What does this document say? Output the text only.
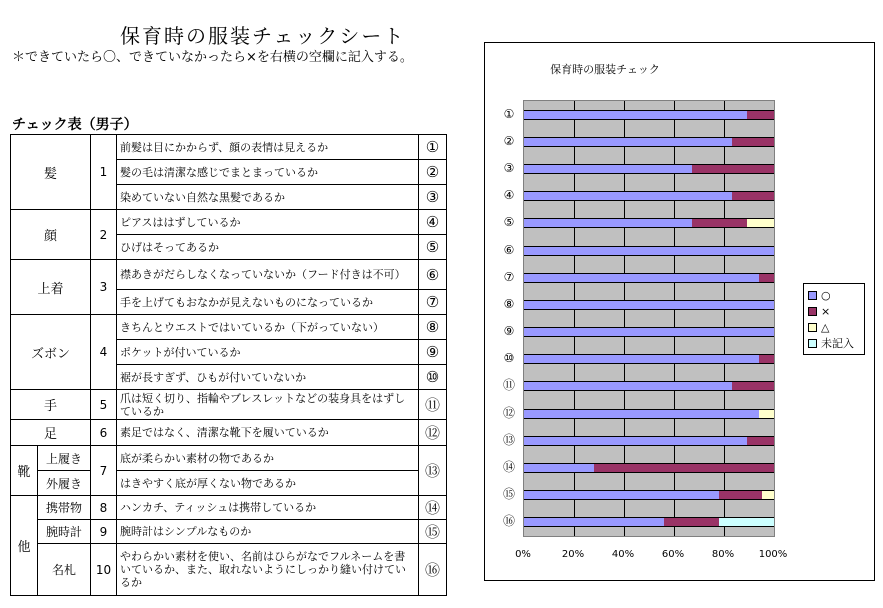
保育時の服装チェックシート
＊できていたら〇、できていなかったら×を右横の空欄に記入する。
チェック表（男子）
髪		1	前髪は目にかからず、顔の表情は見えるか	①
			髪の毛は清潔な感じでまとまっているか	②
			染めていない自然な黒髪であるか	③
顔		2	ピアスははずしているか	④
			ひげはそってあるか	⑤
上着		3	襟あきがだらしなくなっていないか（フード付きは不可）	⑥
			手を上げてもおなかが見えないものになっているか	⑦
ズボン		4	きちんとウエストではいているか（下がっていない）	⑧
			ポケットが付いているか	⑨
			裾が長すぎず、ひもが付いていないか	⑩
手		5	爪は短く切り、指輪やブレスレットなどの装身具をはずしているか	⑪
足		6	素足ではなく、清潔な靴下を履いているか	⑫
靴	上履き	7	底が柔らかい素材の物であるか	⑬
	外履き		はきやすく底が厚くない物であるか	
他	携帯物	8	ハンカチ、ティッシュは携帯しているか	⑭
	腕時計	9	腕時計はシンプルなものか	⑮
	名札	10	やわらかい素材を使い、名前はひらがなでフルネームを書いているか、また、取れないようにしっかり縫い付けているか	⑯
保育時の服装チェック
①
②
③
④
⑤
⑥
⑦
⑧
⑨
⑩
⑪
⑫
⑬
⑭
⑮
⑯
0%	20%	40%	60%	80%	100%
○
×
△
未記入
